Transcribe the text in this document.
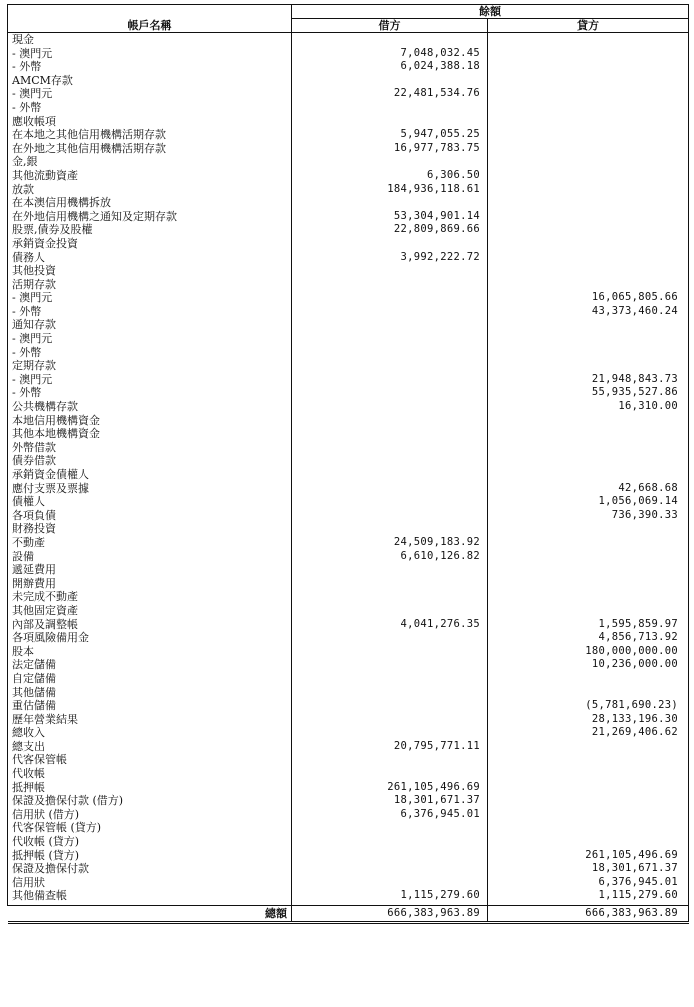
	餘額	
帳戶名稱	借方	貸方
現金		
- 澳門元	7,048,032.45	
- 外幣	6,024,388.18	
AMCM存款		
- 澳門元	22,481,534.76	
- 外幣		
應收帳項		
在本地之其他信用機構活期存款	5,947,055.25	
在外地之其他信用機構活期存款	16,977,783.75	
金,銀		
其他流動資產	6,306.50	
放款	184,936,118.61	
在本澳信用機構拆放		
在外地信用機構之通知及定期存款	53,304,901.14	
股票,債券及股權	22,809,869.66	
承銷資金投資		
債務人	3,992,222.72	
其他投資		
活期存款		
- 澳門元		16,065,805.66
- 外幣		43,373,460.24
通知存款		
- 澳門元		
- 外幣		
定期存款		
- 澳門元		21,948,843.73
- 外幣		55,935,527.86
公共機構存款		16,310.00
本地信用機構資金		
其他本地機構資金		
外幣借款		
債券借款		
承銷資金債權人		
應付支票及票據		42,668.68
債權人		1,056,069.14
各項負債		736,390.33
財務投資		
不動產	24,509,183.92	
設備	6,610,126.82	
遞延費用		
開辦費用		
未完成不動產		
其他固定資產		
內部及調整帳	4,041,276.35	1,595,859.97
各項風險備用金		4,856,713.92
股本		180,000,000.00
法定儲備		10,236,000.00
自定儲備		
其他儲備		
重估儲備		(5,781,690.23)
歷年營業結果		28,133,196.30
總收入		21,269,406.62
總支出	20,795,771.11	
代客保管帳		
代收帳		
抵押帳	261,105,496.69	
保證及擔保付款 (借方)	18,301,671.37	
信用狀 (借方)	6,376,945.01	
代客保管帳 (貸方)		
代收帳 (貸方)		
抵押帳 (貸方)		261,105,496.69
保證及擔保付款		18,301,671.37
信用狀		6,376,945.01
其他備查帳	1,115,279.60	1,115,279.60
總額	666,383,963.89	666,383,963.89
